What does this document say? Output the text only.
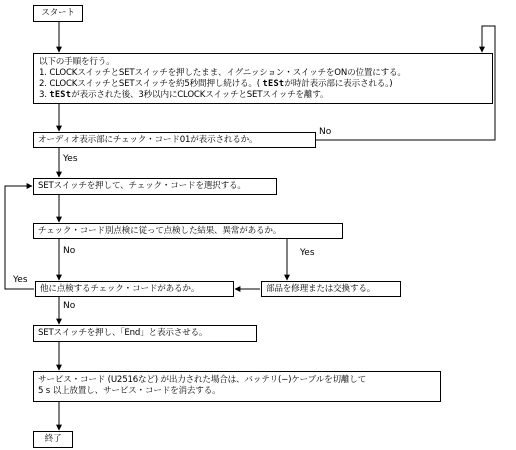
スタート
以下の手順を行う。
1. CLOCKスイッチとSETスイッチを押したまま、イグニッション・スイッチをONの位置にする。
2. CLOCKスイッチとSETスイッチを約5秒間押し続ける。( tEStが時計表示部に表示される。)
3. tEStが表示された後、3秒以内にCLOCKスイッチとSETスイッチを離す。
オーディオ表示部にチェック・コード01が表示されるか。
SETスイッチを押して、チェック・コードを選択する。
チェック・コード別点検に従って点検した結果、異常があるか。
他に点検するチェック・コードがあるか。	部品を修理または交換する。
SETスイッチを押し、「End」と表示させる。
サービス・コード (U2516など) が出力された場合は、バッテリ(−)ケーブルを切離して
5 s 以上放置し、サービス・コードを消去する。
終了
No
Yes
No	Yes
Yes
No
